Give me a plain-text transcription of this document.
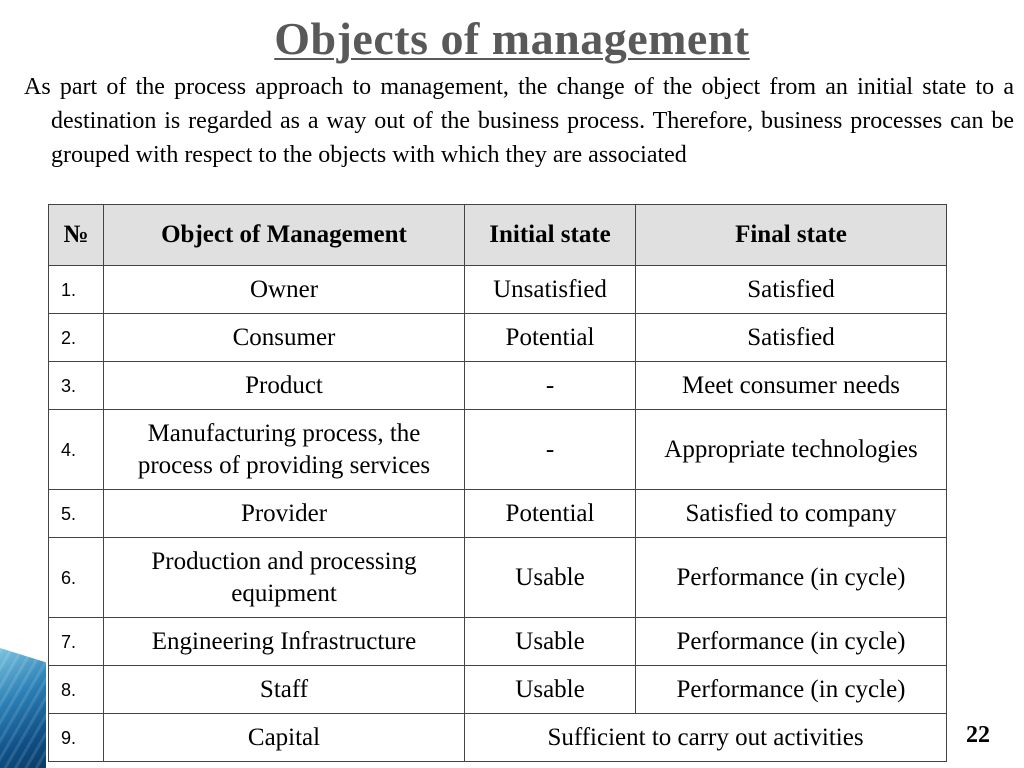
Objects of management
As part of the process approach to management, the change of the object from an initial state to a destination is regarded as a way out of the business process. Therefore, business processes can be grouped with respect to the objects with which they are associated
№	Object of Management	Initial state	Final state
1.	Owner	Unsatisfied	Satisfied
2.	Consumer	Potential	Satisfied
3.	Product	-	Meet consumer needs
4.	Manufacturing process, the process of providing services	-	Appropriate technologies
5.	Provider	Potential	Satisfied to company
6.	Production and processing equipment	Usable	Performance (in cycle)
7.	Engineering Infrastructure	Usable	Performance (in cycle)
8.	Staff	Usable	Performance (in cycle)
9.	Capital	Sufficient to carry out activities		22
